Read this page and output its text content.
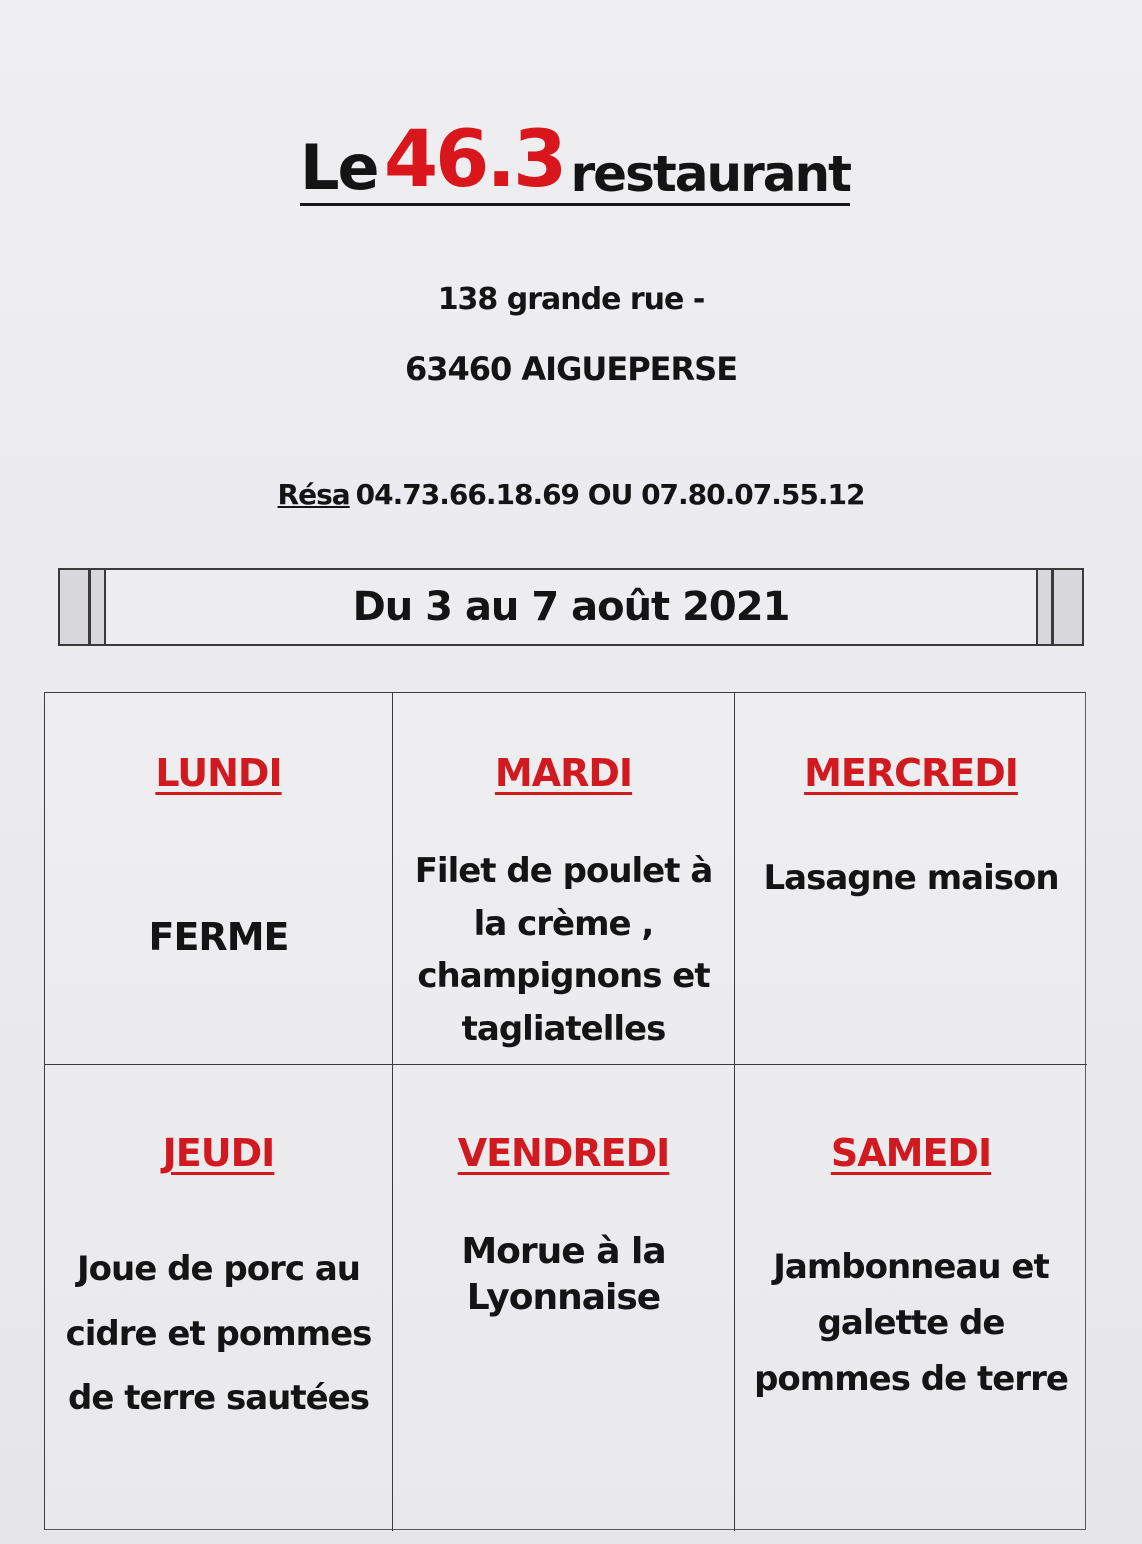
Le 46.3 restaurant
138 grande rue -
63460 AIGUEPERSE
Résa 04.73.66.18.69 OU 07.80.07.55.12
Du 3 au 7 août 2021
LUNDI
FERME
MARDI
Filet de poulet à la crème , champignons et tagliatelles
MERCREDI
Lasagne maison
JEUDI
Joue de porc au cidre et pommes de terre sautées
VENDREDI
Morue à la Lyonnaise
SAMEDI
Jambonneau et galette de pommes de terre
